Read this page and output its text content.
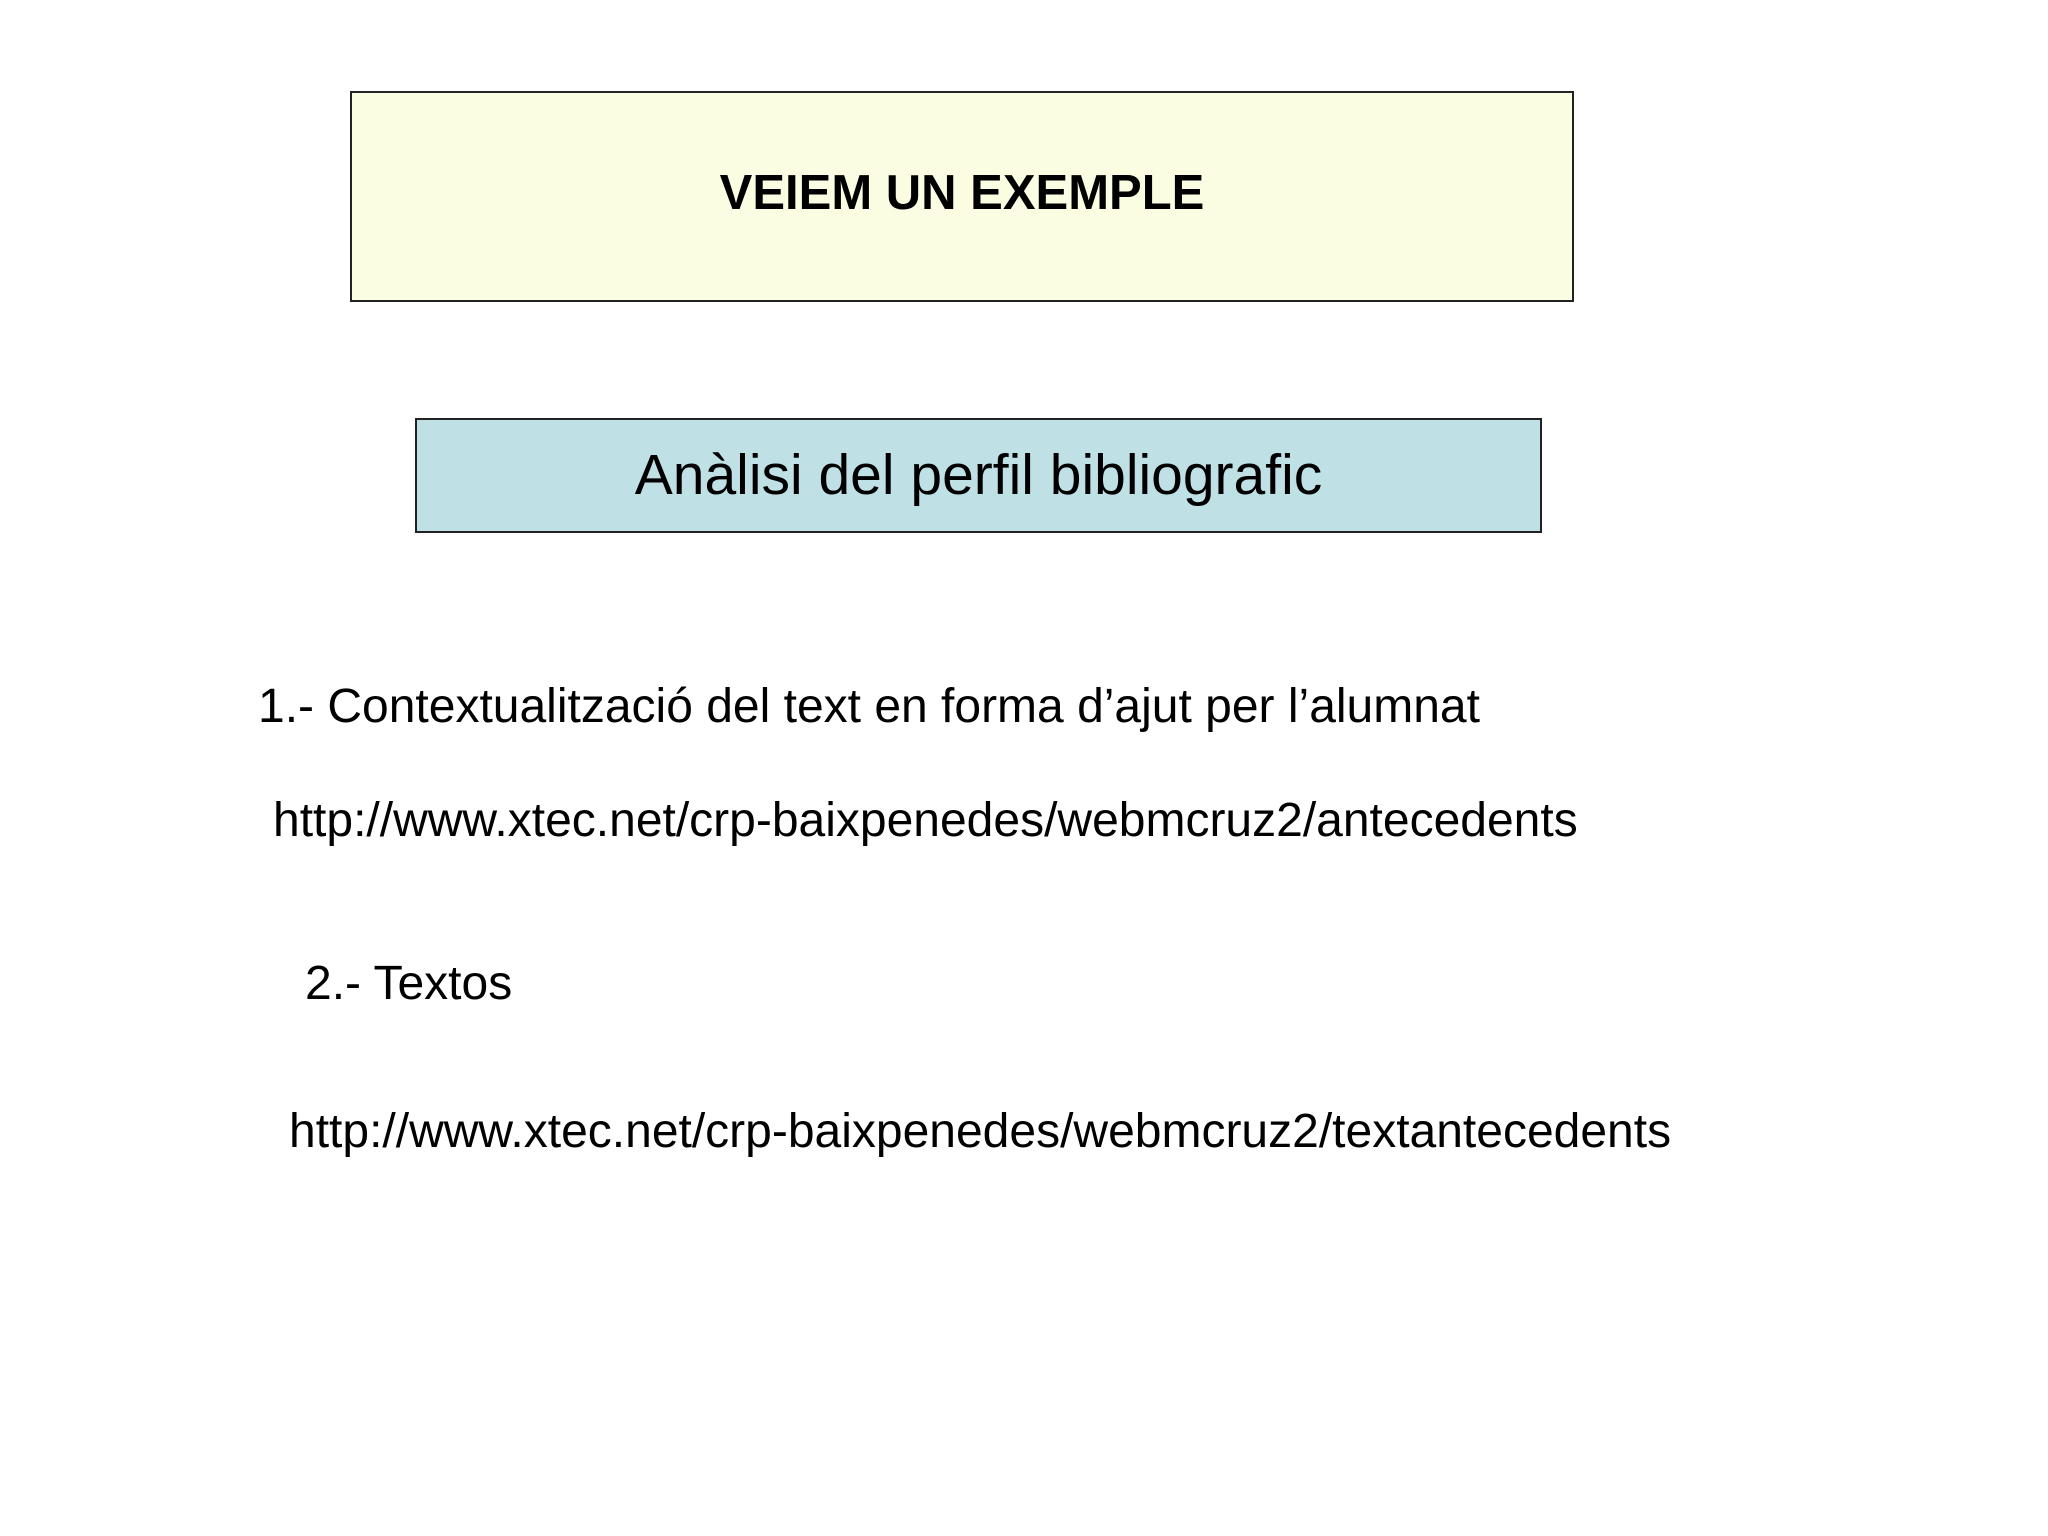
VEIEM UN EXEMPLE
Anàlisi del perfil bibliografic
1.- Contextualització del text en forma d’ajut per l’alumnat
http://www.xtec.net/crp-baixpenedes/webmcruz2/antecedents
2.- Textos
http://www.xtec.net/crp-baixpenedes/webmcruz2/textantecedents
